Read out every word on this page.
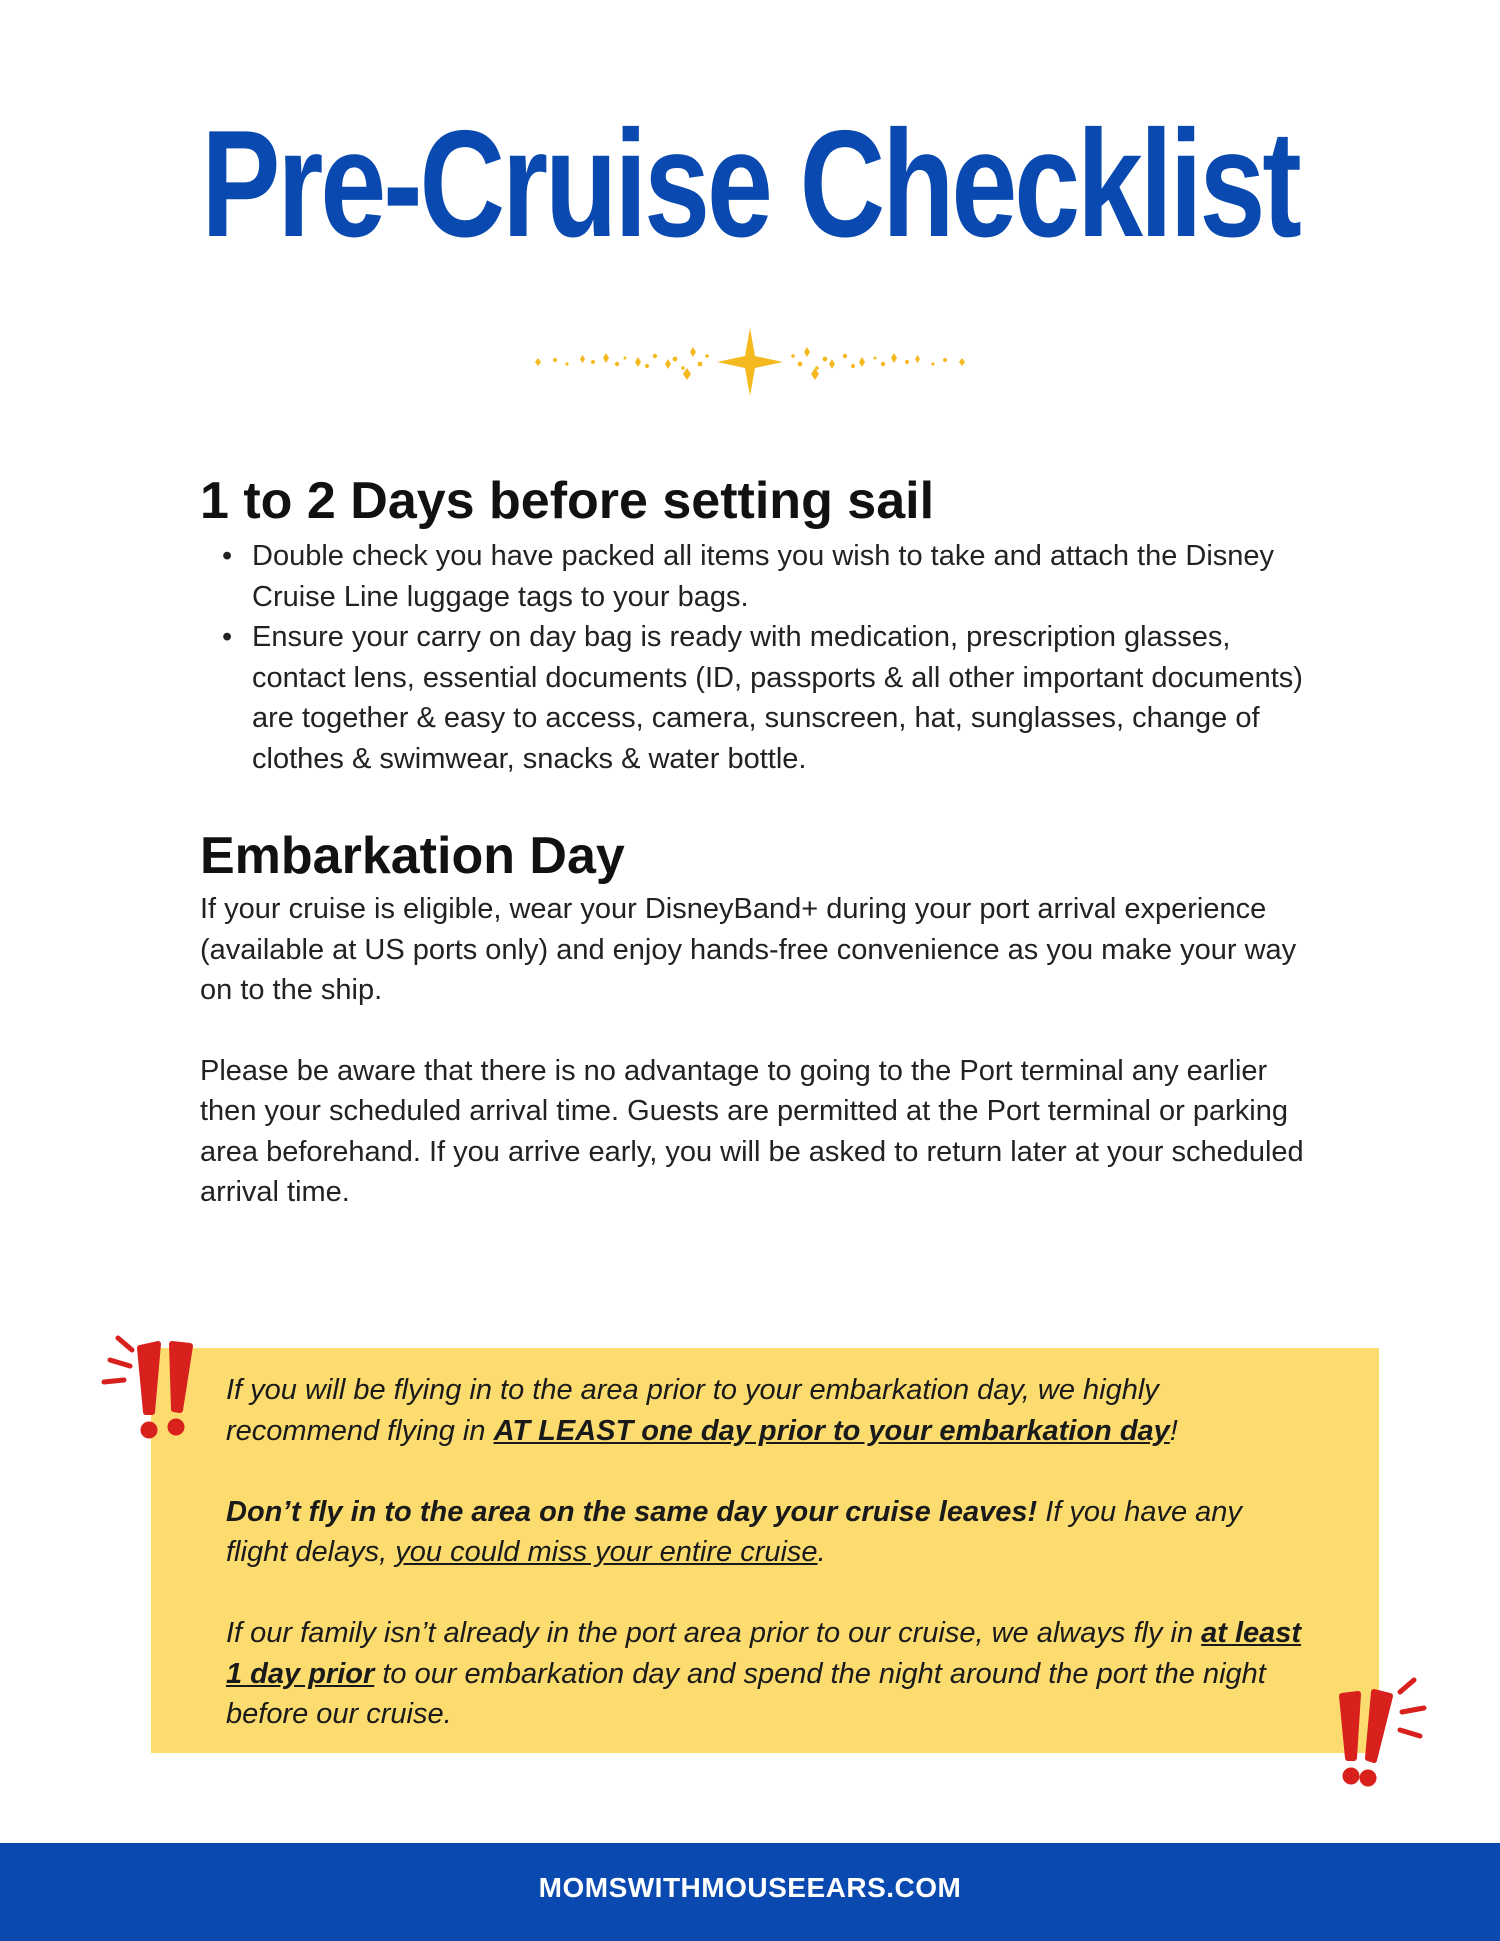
Pre-Cruise Checklist
1 to 2 Days before setting sail
• Double check you have packed all items you wish to take and attach the Disney Cruise Line luggage tags to your bags.
• Ensure your carry on day bag is ready with medication, prescription glasses, contact lens, essential documents (ID, passports & all other important documents) are together & easy to access, camera, sunscreen, hat, sunglasses, change of clothes & swimwear, snacks & water bottle.
Embarkation Day

If your cruise is eligible, wear your DisneyBand+ during your port arrival experience (available at US ports only) and enjoy hands-free convenience as you make your way on to the ship.

Please be aware that there is no advantage to going to the Port terminal any earlier then your scheduled arrival time. Guests are permitted at the Port terminal or parking area beforehand. If you arrive early, you will be asked to return later at your scheduled arrival time.

If you will be flying in to the area prior to your embarkation day, we highly recommend flying in AT LEAST one day prior to your embarkation day!

Don’t fly in to the area on the same day your cruise leaves! If you have any flight delays, you could miss your entire cruise.

If our family isn’t already in the port area prior to our cruise, we always fly in at least 1 day prior to our embarkation day and spend the night around the port the night before our cruise.

MOMSWITHMOUSEEARS.COM
